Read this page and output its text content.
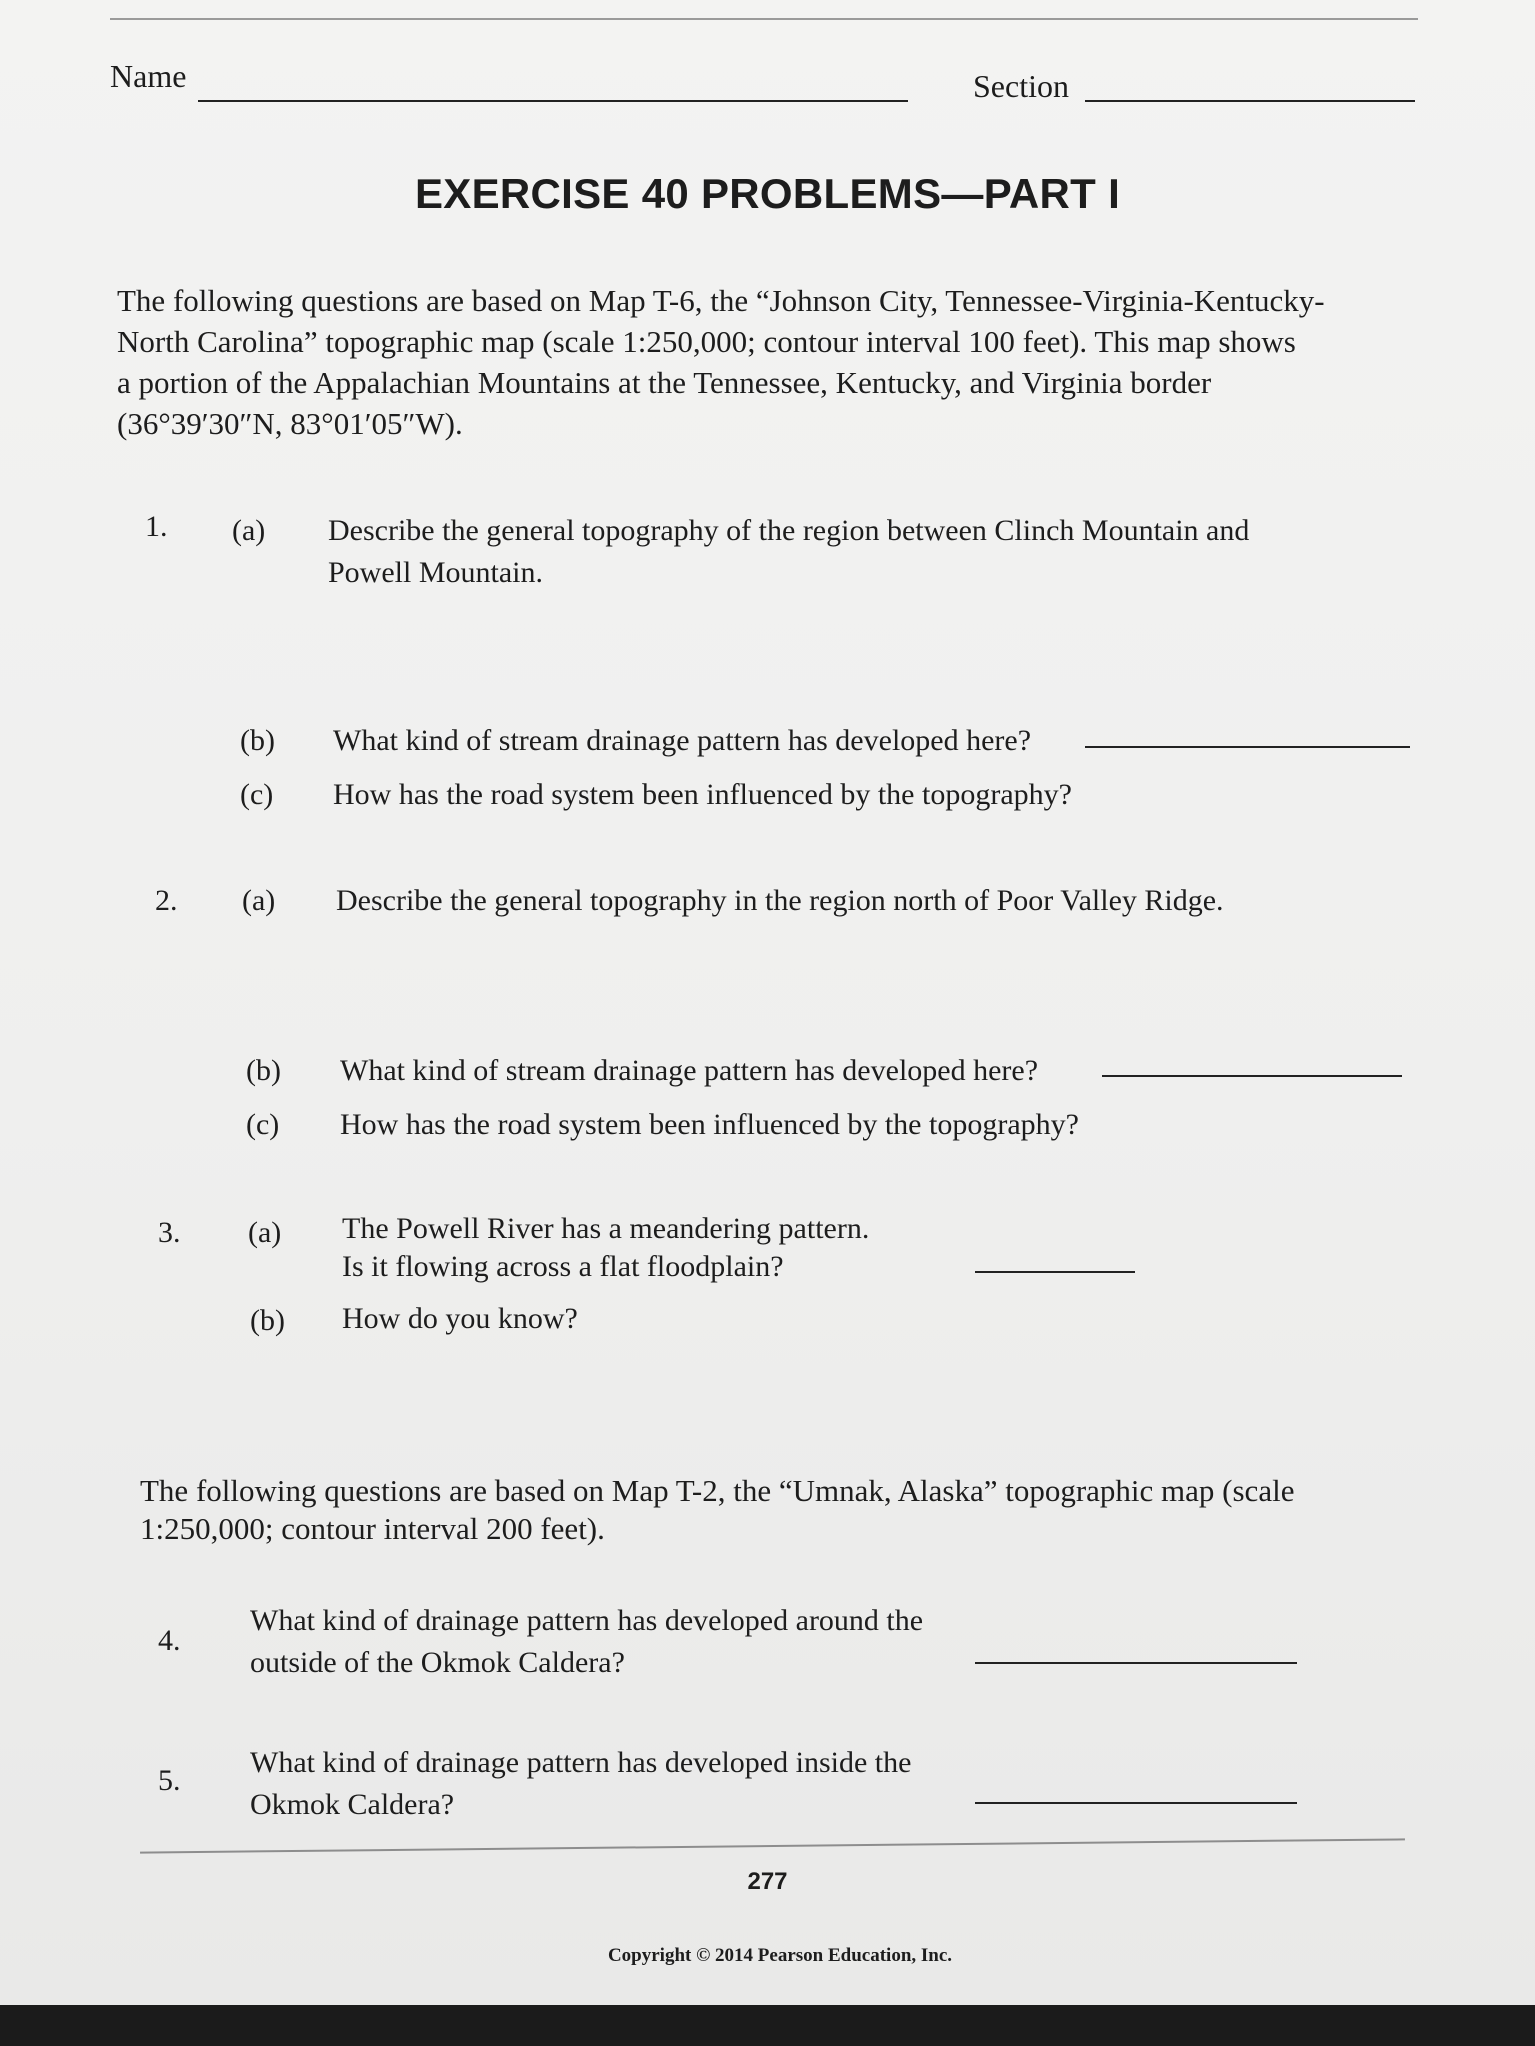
Name	Section
EXERCISE 40 PROBLEMS—PART I
The following questions are based on Map T-6, the “Johnson City, Tennessee-Virginia-Kentucky-
North Carolina” topographic map (scale 1:250,000; contour interval 100 feet). This map shows
a portion of the Appalachian Mountains at the Tennessee, Kentucky, and Virginia border
(36°39′30″N, 83°01′05″W).
1. (a) Describe the general topography of the region between Clinch Mountain and
Powell Mountain.
(b) What kind of stream drainage pattern has developed here?
(c) How has the road system been influenced by the topography?
2. (a) Describe the general topography in the region north of Poor Valley Ridge.
(b) What kind of stream drainage pattern has developed here?
(c) How has the road system been influenced by the topography?
3. (a) The Powell River has a meandering pattern.
Is it flowing across a flat floodplain?
(b) How do you know?
The following questions are based on Map T-2, the “Umnak, Alaska” topographic map (scale
1:250,000; contour interval 200 feet).
4.
What kind of drainage pattern has developed around the
outside of the Okmok Caldera?
5.
What kind of drainage pattern has developed inside the
Okmok Caldera?
277
Copyright © 2014 Pearson Education, Inc.
